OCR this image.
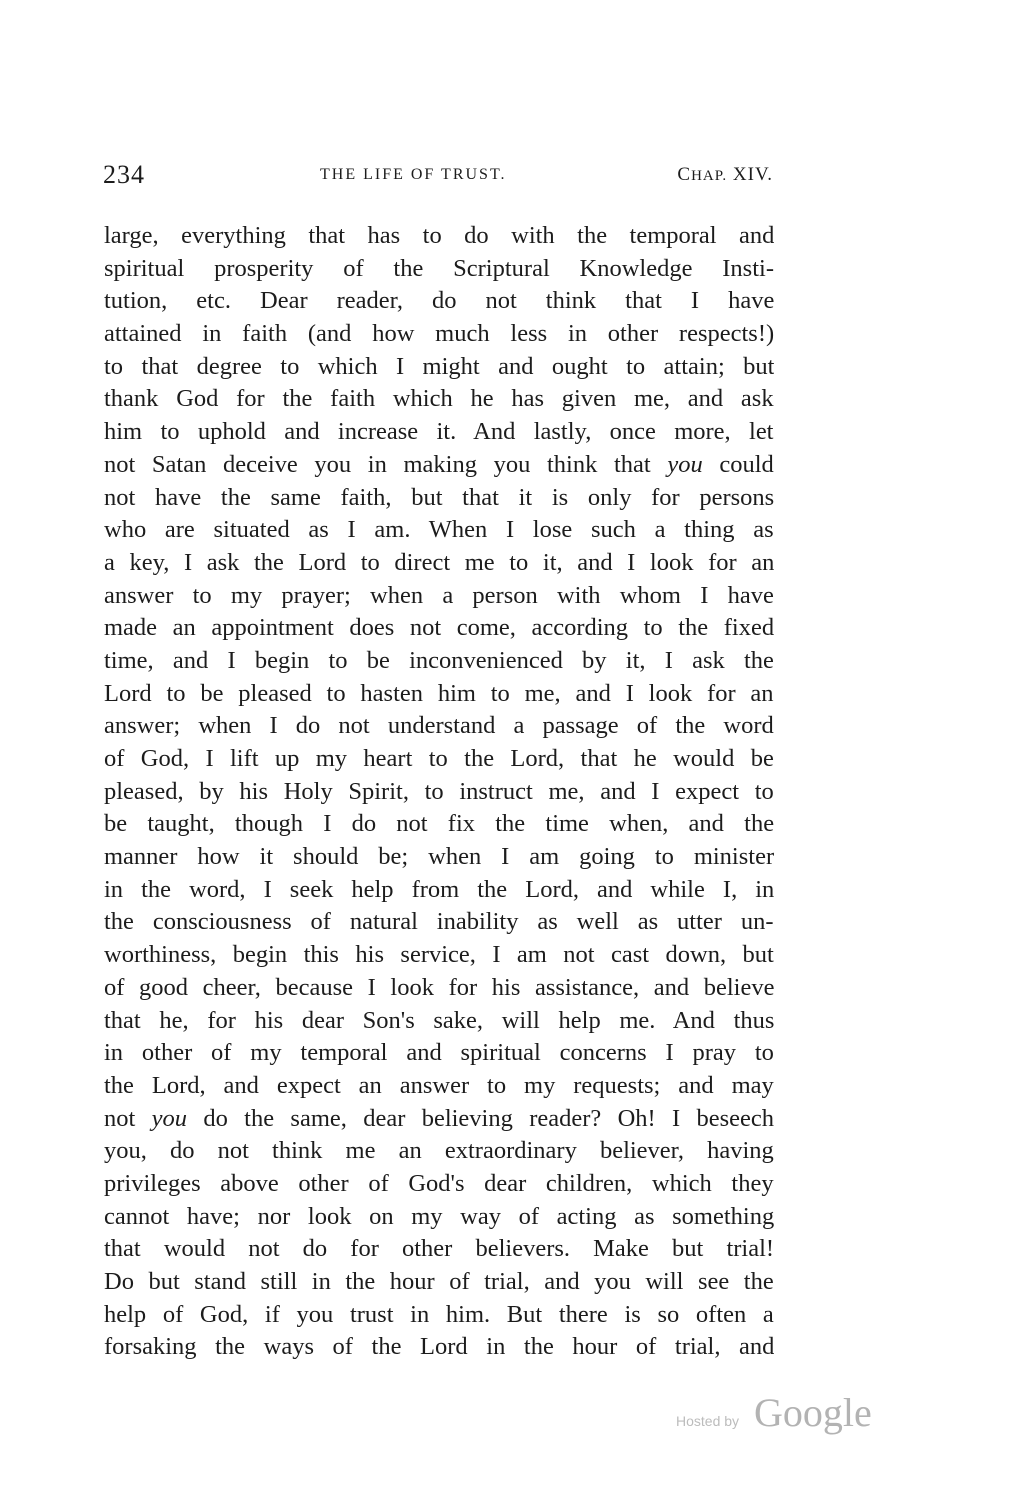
234	THE LIFE OF TRUST.	CHAP. XIV.
large, everything that has to do with the temporal and
spiritual prosperity of the Scriptural Knowledge Insti-
tution, etc. Dear reader, do not think that I have
attained in faith (and how much less in other respects!)
to that degree to which I might and ought to attain; but
thank God for the faith which he has given me, and ask
him to uphold and increase it. And lastly, once more, let
not Satan deceive you in making you think that you could
not have the same faith, but that it is only for persons
who are situated as I am. When I lose such a thing as
a key, I ask the Lord to direct me to it, and I look for an
answer to my prayer; when a person with whom I have
made an appointment does not come, according to the fixed
time, and I begin to be inconvenienced by it, I ask the
Lord to be pleased to hasten him to me, and I look for an
answer; when I do not understand a passage of the word
of God, I lift up my heart to the Lord, that he would be
pleased, by his Holy Spirit, to instruct me, and I expect to
be taught, though I do not fix the time when, and the
manner how it should be; when I am going to minister
in the word, I seek help from the Lord, and while I, in
the consciousness of natural inability as well as utter un-
worthiness, begin this his service, I am not cast down, but
of good cheer, because I look for his assistance, and believe
that he, for his dear Son's sake, will help me. And thus
in other of my temporal and spiritual concerns I pray to
the Lord, and expect an answer to my requests; and may
not you do the same, dear believing reader? Oh! I beseech
you, do not think me an extraordinary believer, having
privileges above other of God's dear children, which they
cannot have; nor look on my way of acting as something
that would not do for other believers. Make but trial!
Do but stand still in the hour of trial, and you will see the
help of God, if you trust in him. But there is so often a
forsaking the ways of the Lord in the hour of trial, and
Hosted by Google
